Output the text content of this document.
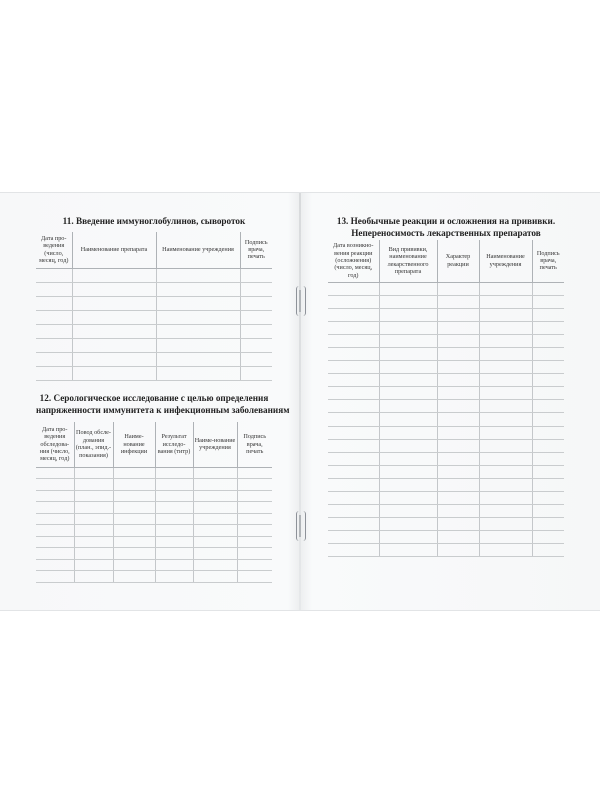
11. Введение иммуноглобулинов, сывороток
Дата про-ведения (число, месяц, год)	Наименование препарата	Наименование учреждения	Подпись врача, печать

12. Серологическое исследование с целью определения
напряженности иммунитета к инфекционным заболеваниям
Дата про-ведения обследова-ния (число, месяц, год)	Повод обсле-дования (план., эпид.-показания)	Наиме-нование инфекции	Результат исследо-вания (титр)	Наиме-нование учреждения	Подпись врача, печать

13. Необычные реакции и осложнения на прививки.
Непереносимость лекарственных препаратов
Дата возникно-вения реакции (осложнения) (число, месяц, год)	Вид прививки, наименование лекарственного препарата	Характер реакции	Наименование учреждения	Подпись врача, печать
